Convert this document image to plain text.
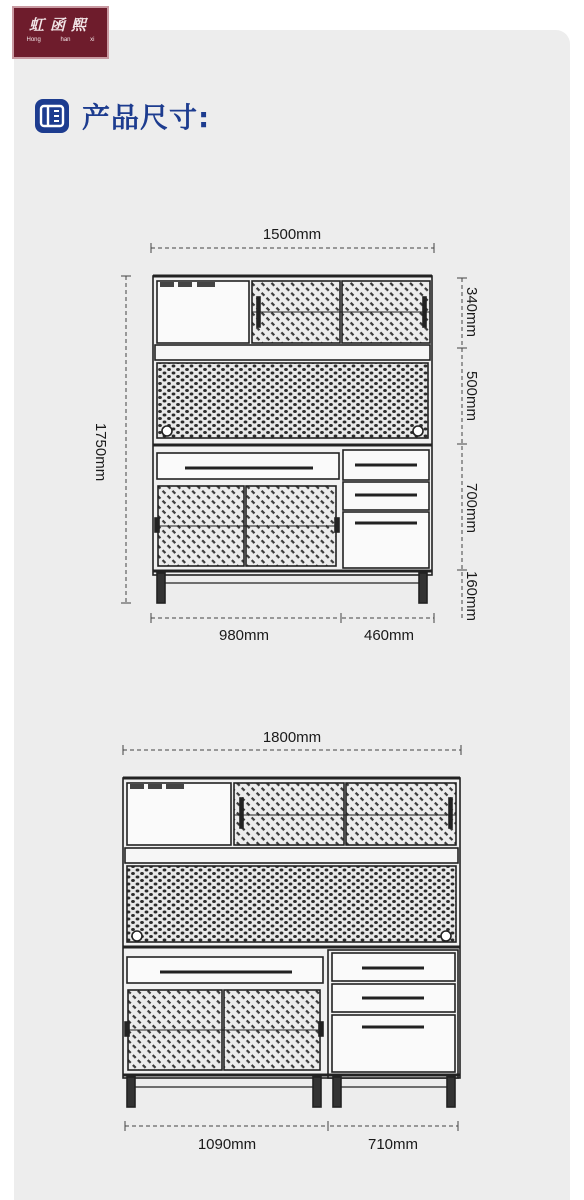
虹函熙
Hong han xi
产品尺寸:
1500mm
1750mm
340mm
500mm
700mm
160mm
980mm	460mm
1800mm
1090mm	710mm
